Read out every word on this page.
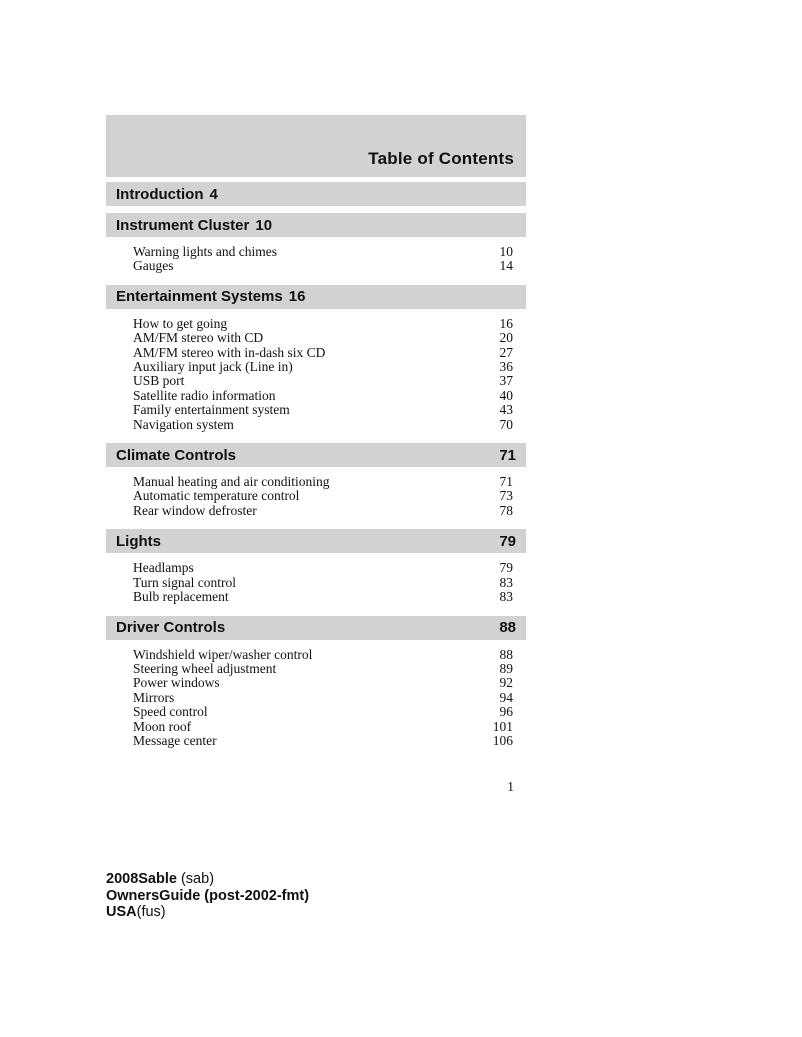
Table of Contents
Introduction 4
Instrument Cluster 10
Warning lights and chimes	10
Gauges	14
Entertainment Systems 16
How to get going	16
AM/FM stereo with CD	20
AM/FM stereo with in-dash six CD	27
Auxiliary input jack (Line in)	36
USB port	37
Satellite radio information	40
Family entertainment system	43
Navigation system	70
Climate Controls	71
Manual heating and air conditioning	71
Automatic temperature control	73
Rear window defroster	78
Lights	79
Headlamps	79
Turn signal control	83
Bulb replacement	83
Driver Controls	88
Windshield wiper/washer control	88
Steering wheel adjustment	89
Power windows	92
Mirrors	94
Speed control	96
Moon roof	101
Message center	106
1
2008Sable (sab)
OwnersGuide (post-2002-fmt)
USA(fus)
